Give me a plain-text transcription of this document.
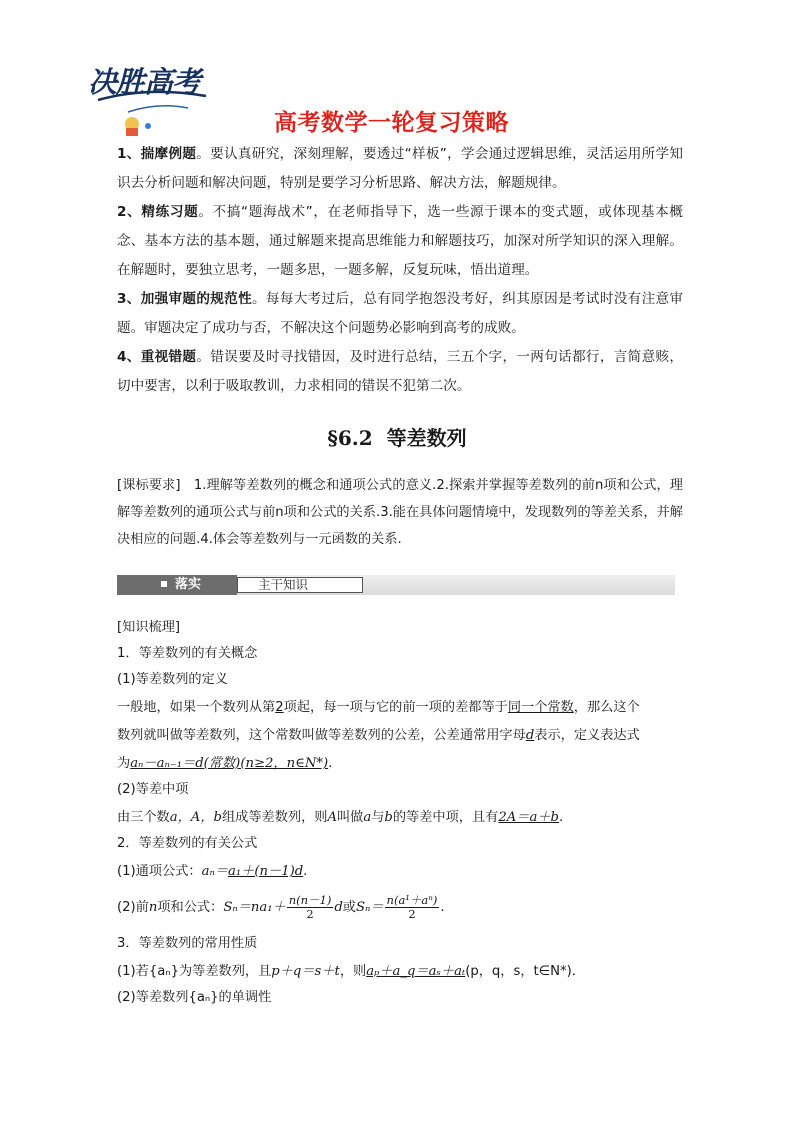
决胜高考
高考数学一轮复习策略

1、揣摩例题。要认真研究，深刻理解，要透过“样板”，学会通过逻辑思维，灵活运用所学知识去分析问题和解决问题，特别是要学习分析思路、解决方法，解题规律。

2、精练习题。不搞“题海战术”，在老师指导下，选一些源于课本的变式题，或体现基本概念、基本方法的基本题，通过解题来提高思维能力和解题技巧，加深对所学知识的深入理解。在解题时，要独立思考，一题多思，一题多解，反复玩味，悟出道理。

3、加强审题的规范性。每每大考过后，总有同学抱怨没考好，纠其原因是考试时没有注意审题。审题决定了成功与否，不解决这个问题势必影响到高考的成败。

4、重视错题。错误要及时寻找错因，及时进行总结，三五个字，一两句话都行，言简意赅，切中要害，以利于吸取教训，力求相同的错误不犯第二次。

§6.2 等差数列

[课标要求]　1.理解等差数列的概念和通项公式的意义.2.探索并掌握等差数列的前n项和公式，理解等差数列的通项公式与前n项和公式的关系.3.能在具体问题情境中，发现数列的等差关系，并解决相应的问题.4.体会等差数列与一元函数的关系.

落实	主干知识
[知识梳理]
1．等差数列的有关概念
(1)等差数列的定义
一般地，如果一个数列从第2项起，每一项与它的前一项的差都等于同一个常数，那么这个
数列就叫做等差数列，这个常数叫做等差数列的公差，公差通常用字母d表示，定义表达式
为aₙ－aₙ₋₁＝d(常数)(n≥2，n∈N*).
(2)等差中项
由三个数a，A，b组成等差数列，则A叫做a与b的等差中项，且有2A＝a＋b.
2．等差数列的有关公式
(1)通项公式：aₙ＝a₁＋(n－1)d.
(2)前n项和公式：$S_n=na_1+ \frac{n(n-1)}{2}$ d或$S_n= \frac{\text{n(a¹＋aⁿ)}}{2}$ .
3．等差数列的常用性质
(1)若{aₙ}为等差数列，且p＋q＝s＋t，则aₚ＋a_q＝aₛ＋aₜ(p，q，s，t∈N*)．
(2)等差数列{aₙ}的单调性
